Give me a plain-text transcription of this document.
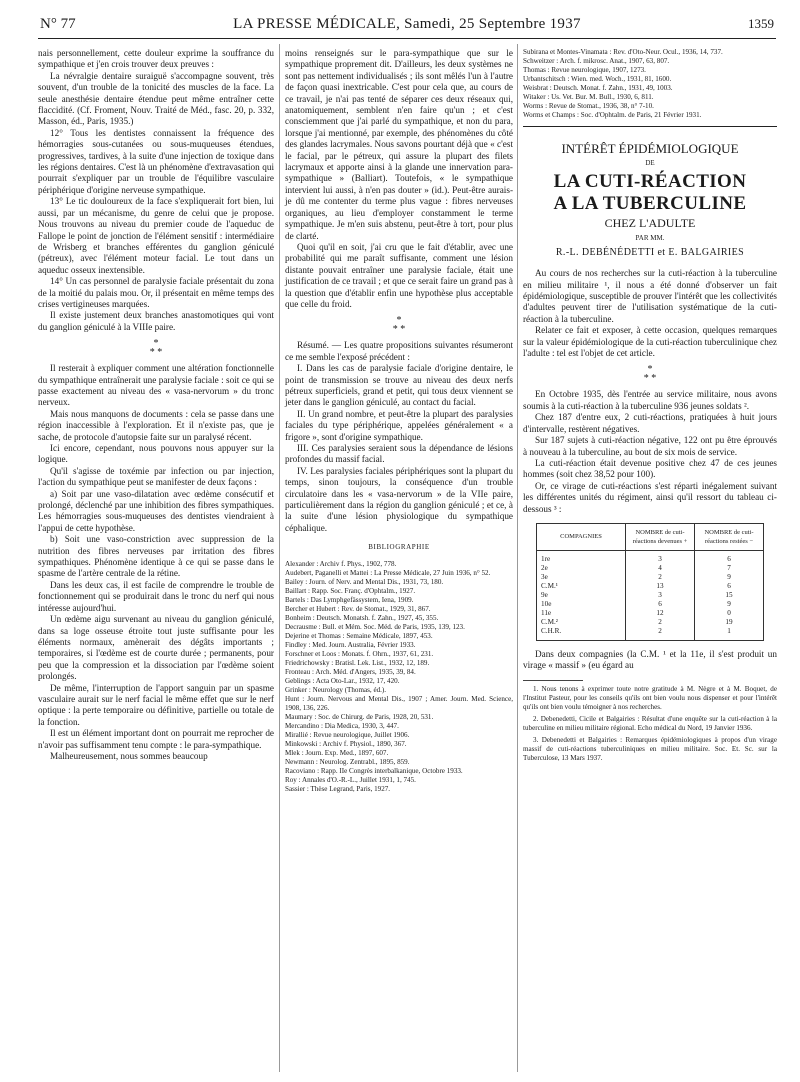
N° 77	LA PRESSE MÉDICALE, Samedi, 25 Septembre 1937	1359

nais personnellement, cette douleur exprime la souffrance du sympathique et j'en crois trouver deux preuves :

La névralgie dentaire suraiguë s'accompagne souvent, très souvent, d'un trouble de la tonicité des muscles de la face. La seule anesthésie dentaire étendue peut même entraîner cette flaccidité. (Cf. Froment, Nouv. Traité de Méd., fasc. 20, p. 332, Masson, éd., Paris, 1935.)

12° Tous les dentistes connaissent la fréquence des hémorragies sous-cutanées ou sous-muqueuses étendues, progressives, tardives, à la suite d'une injection de toxique dans les régions dentaires. C'est là un phénomène d'extravasation qui pourrait s'expliquer par un trouble de l'équilibre vasculaire périphérique d'origine nerveuse sympathique.

13° Le tic douloureux de la face s'expliquerait fort bien, lui aussi, par un mécanisme, du genre de celui que je propose. Nous trouvons au niveau du premier coude de l'aqueduc de Fallope le point de jonction de l'élément sensitif : intermédiaire de Wrisberg et branches efférentes du ganglion géniculé (pétreux), avec l'élément moteur facial. Le tout dans un aqueduc osseux inextensible.

14° Un cas personnel de paralysie faciale présentait du zona de la moitié du palais mou. Or, il présentait en même temps des crises vertigineuses marquées.

Il existe justement deux branches anastomotiques qui vont du ganglion géniculé à la VIIIe paire.

*
* *

Il resterait à expliquer comment une altération fonctionnelle du sympathique entraînerait une paralysie faciale : soit ce qui se passe exactement au niveau des « vasa-nervorum » du tronc nerveux.

Mais nous manquons de documents : cela se passe dans une région inaccessible à l'exploration. Et il n'existe pas, que je sache, de protocole d'autopsie faite sur un paralysé récent.

Ici encore, cependant, nous pouvons nous appuyer sur la logique.

Qu'il s'agisse de toxémie par infection ou par injection, l'action du sympathique peut se manifester de deux façons :

a) Soit par une vaso-dilatation avec œdème consécutif et prolongé, déclenché par une inhibition des fibres sympathiques. Les hémorragies sous-muqueuses des dentistes viendraient à l'appui de cette hypothèse.

b) Soit une vaso-constriction avec suppression de la nutrition des fibres nerveuses par irritation des fibres sympathiques. Phénomène identique à ce qui se passe dans le spasme de l'artère centrale de la rétine.

Dans les deux cas, il est facile de comprendre le trouble de fonctionnement qui se produirait dans le tronc du nerf qui nous intéresse aujourd'hui.

Un œdème aigu survenant au niveau du ganglion géniculé, dans sa loge osseuse étroite tout juste suffisante pour les éléments normaux, amènerait des dégâts importants ; temporaires, si l'œdème est de courte durée ; permanents, pour peu que la compression et la dissociation par l'œdème soient prolongés.

De même, l'interruption de l'apport sanguin par un spasme vasculaire aurait sur le nerf facial le même effet que sur le nerf optique : la perte temporaire ou définitive, partielle ou totale de la fonction.

Il est un élément important dont on pourrait me reprocher de n'avoir pas suffisamment tenu compte : le para-sympathique.

Malheureusement, nous sommes beaucoup

moins renseignés sur le para-sympathique que sur le sympathique proprement dit. D'ailleurs, les deux systèmes ne sont pas nettement individualisés ; ils sont mêlés l'un à l'autre de façon quasi inextricable. C'est pour cela que, au cours de ce travail, je n'ai pas tenté de séparer ces deux réseaux qui, anatomiquement, semblent n'en faire qu'un ; et c'est consciemment que j'ai parlé du sympathique, et non du para, lorsque j'ai mentionné, par exemple, des phénomènes du côté des glandes lacrymales. Nous savons pourtant déjà que « c'est le facial, par le pétreux, qui assure la plupart des filets lacrymaux et apporte ainsi à la glande une innervation para-sympathique » (Balliart). Toutefois, « le sympathique intervient lui aussi, à n'en pas douter » (id.). Peut-être aurais-je dû me contenter du terme plus vague : fibres nerveuses organiques, au lieu d'employer constamment le terme sympathique. Je m'en suis abstenu, peut-être à tort, pour plus de clarté.

Quoi qu'il en soit, j'ai cru que le fait d'établir, avec une probabilité qui me paraît suffisante, comment une lésion distante pouvait entraîner une paralysie faciale, était une justification de ce travail ; et que ce serait faire un grand pas à la question que d'établir enfin une hypothèse plus acceptable que celle du froid.

*
* *

Résumé. — Les quatre propositions suivantes résumeront ce me semble l'exposé précédent :

I. Dans les cas de paralysie faciale d'origine dentaire, le point de transmission se trouve au niveau des deux nerfs pétreux superficiels, grand et petit, qui tous deux viennent se jeter dans le ganglion géniculé, au contact du facial.

II. Un grand nombre, et peut-être la plupart des paralysies faciales du type périphérique, appelées généralement « a frigore », sont d'origine sympathique.

III. Ces paralysies seraient sous la dépendance de lésions profondes du massif facial.

IV. Les paralysies faciales périphériques sont la plupart du temps, sinon toujours, la conséquence d'un trouble circulatoire dans les « vasa-nervorum » de la VIIe paire, particulièrement dans la région du ganglion géniculé ; et ce, à la suite d'une lésion physiologique du sympathique céphalique.

BIBLIOGRAPHIE
Alexander : Archiv f. Phys., 1902, 778.
Audebert, Paganelli et Mattei : La Presse Médicale, 27 Juin 1936, n° 52.
Bailey : Journ. of Nerv. and Mental Dis., 1931, 73, 180.
Baillart : Rapp. Soc. Franç. d'Ophtalm., 1927.
Bartels : Das Lymphgefässystem, Iena, 1909.
Bercher et Hubert : Rev. de Stomat., 1929, 31, 867.
Bonheim : Deutsch. Monatsh. f. Zahn., 1927, 45, 355.
Decrausme : Bull. et Mém. Soc. Méd. de Paris, 1935, 139, 123.
Dejerine et Thomas : Semaine Médicale, 1897, 453.
Findley : Med. Journ. Australia, Février 1933.
Forschner et Loos : Monats. f. Ohrn., 1937, 61, 231.
Friedrichowsky : Bratisl. Lek. List., 1932, 12, 189.
Fronteau : Arch. Méd. d'Angers, 1935, 39, 84.
Geblings : Acta Oto-Lar., 1932, 17, 420.
Grinker : Neurology (Thomas, éd.).
Hunt : Journ. Nervous and Mental Dis., 1907 ; Amer. Journ. Med. Science, 1908, 136, 226.
Maumary : Soc. de Chirurg. de Paris, 1928, 20, 531.
Mercandino : Dia Medica, 1930, 3, 447.
Mirallié : Revue neurologique, Juillet 1906.
Minkowski : Archiv f. Physiol., 1890, 367.
Mlek : Journ. Exp. Med., 1897, 607.
Newmann : Neurolog. Zentrabl., 1895, 859.
Racoviano : Rapp. IIe Congrès interbalkanique, Octobre 1933.
Roy : Annales d'O.-R.-L., Juillet 1931, 1, 745.
Sassier : Thèse Legrand, Paris, 1927.
Subirana et Montes-Vinamata : Rev. d'Oto-Neur. Ocul., 1936, 14, 737.
Schweitzer : Arch. f. mikrosc. Anat., 1907, 63, 807.
Thomas : Revue neurologique, 1907, 1273.
Urbantschitsch : Wien. med. Woch., 1931, 81, 1600.
Weisbrat : Deutsch. Monat. f. Zahn., 1931, 49, 1003.
Witaker : Us. Vet. Bur. M. Bull., 1930, 6, 811.
Worms : Revue de Stomat., 1936, 38, n° 7-10.
Worms et Champs : Soc. d'Ophtalm. de Paris, 21 Février 1931.
INTÉRÊT ÉPIDÉMIOLOGIQUE
DE
LA CUTI-RÉACTION
A LA TUBERCULINE
CHEZ L'ADULTE
PAR MM.
R.-L. DEBÉNÉDETTI et E. BALGAIRIES

Au cours de nos recherches sur la cuti-réaction à la tuberculine en milieu militaire ¹, il nous a été donné d'observer un fait épidémiologique, susceptible de prouver l'intérêt que les collectivités d'adultes peuvent tirer de l'utilisation systématique de la cuti-réaction à la tuberculine.

Relater ce fait et exposer, à cette occasion, quelques remarques sur la valeur épidémiologique de la cuti-réaction tuberculinique chez l'adulte : tel est l'objet de cet article.

*
* *

En Octobre 1935, dès l'entrée au service militaire, nous avons soumis à la cuti-réaction à la tuberculine 936 jeunes soldats ².

Chez 187 d'entre eux, 2 cuti-réactions, pratiquées à huit jours d'intervalle, restèrent négatives.

Sur 187 sujets à cuti-réaction négative, 122 ont pu être éprouvés à nouveau à la tuberculine, au bout de six mois de service.

La cuti-réaction était devenue positive chez 47 de ces jeunes hommes (soit chez 38,52 pour 100).

Or, ce virage de cuti-réactions s'est réparti inégalement suivant les différentes unités du régiment, ainsi qu'il ressort du tableau ci-dessous ³ :

COMPAGNIES	NOMBRE de cuti-réactions devenues +	NOMBRE de cuti-réactions restées −
1re	3	6
2e	4	7
3e	2	9
C.M.¹	13	6
9e	3	15
10e	6	9
11e	12	0
C.M.²	2	19
C.H.R.	2	1

Dans deux compagnies (la C.M. ¹ et la 11e, il s'est produit un virage « massif » (eu égard au

1. Nous tenons à exprimer toute notre gratitude à M. Nègre et à M. Boquet, de l'Institut Pasteur, pour les conseils qu'ils ont bien voulu nous dispenser et pour l'intérêt qu'ils ont bien voulu témoigner à nos recherches.
2. Debenedetti, Cicile et Balgairies : Résultat d'une enquête sur la cuti-réaction à la tuberculine en milieu militaire régional. Echo médical du Nord, 19 Janvier 1936.
3. Debenedetti et Balgairies : Remarques épidémiologiques à propos d'un virage massif de cuti-réactions tuberculiniques en milieu militaire. Soc. Et. Sc. sur la Tuberculose, 13 Mars 1937.
